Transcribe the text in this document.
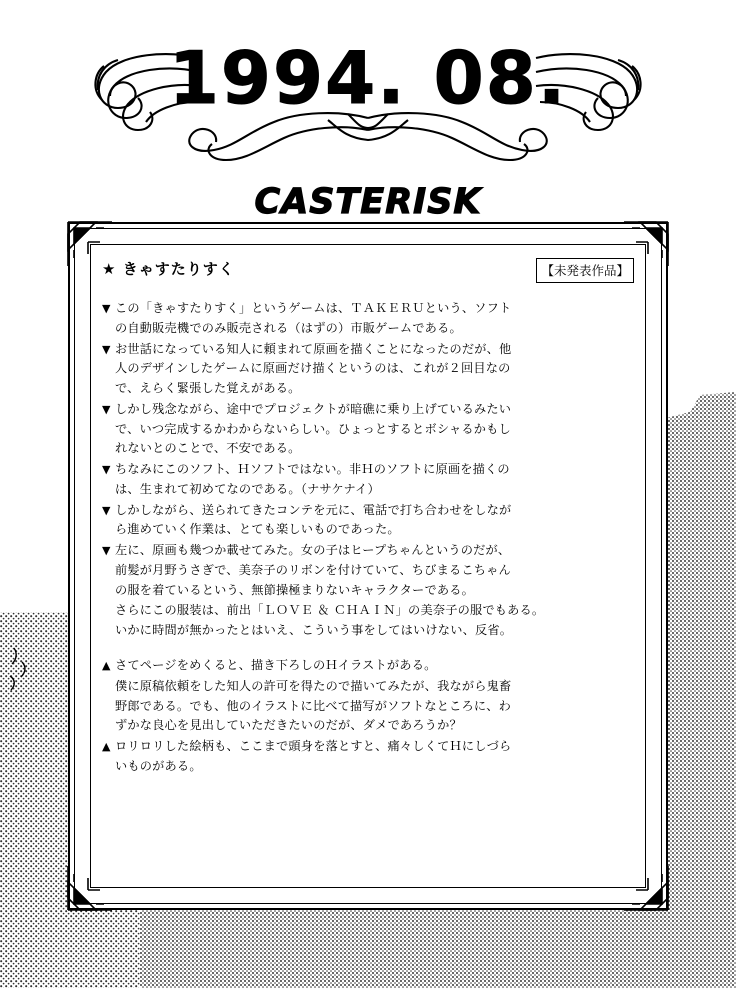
1994. 08.
CASTERISK
★ きゃすたりすく	【未発表作品】
▼ この「きゃすたりすく」というゲームは、ＴＡＫＥＲＵという、ソフト
の自動販売機でのみ販売される（はずの）市販ゲームである。
▼ お世話になっている知人に頼まれて原画を描くことになったのだが、他
人のデザインしたゲームに原画だけ描くというのは、これが２回目なの
で、えらく緊張した覚えがある。
▼ しかし残念ながら、途中でプロジェクトが暗礁に乗り上げているみたい
で、いつ完成するかわからないらしい。ひょっとするとボシャるかもし
れないとのことで、不安である。
▼ ちなみにこのソフト、Ｈソフトではない。非Ｈのソフトに原画を描くの
は、生まれて初めてなのである。（ナサケナイ）
▼ しかしながら、送られてきたコンテを元に、電話で打ち合わせをしなが
ら進めていく作業は、とても楽しいものであった。
▼ 左に、原画も幾つか載せてみた。女の子はヒープちゃんというのだが、
前髪が月野うさぎで、美奈子のリボンを付けていて、ちびまるこちゃん
の服を着ているという、無節操極まりないキャラクターである。
さらにこの服装は、前出「ＬＯＶＥ ＆ ＣＨＡＩＮ」の美奈子の服でもある。
いかに時間が無かったとはいえ、こういう事をしてはいけない、反省。
▲ さてページをめくると、描き下ろしのＨイラストがある。
僕に原稿依頼をした知人の許可を得たので描いてみたが、我ながら鬼畜
野郎である。でも、他のイラストに比べて描写がソフトなところに、わ
ずかな良心を見出していただきたいのだが、ダメであろうか？
▲ ロリロリした絵柄も、ここまで頭身を落とすと、痛々しくてＨにしづら
いものがある。
